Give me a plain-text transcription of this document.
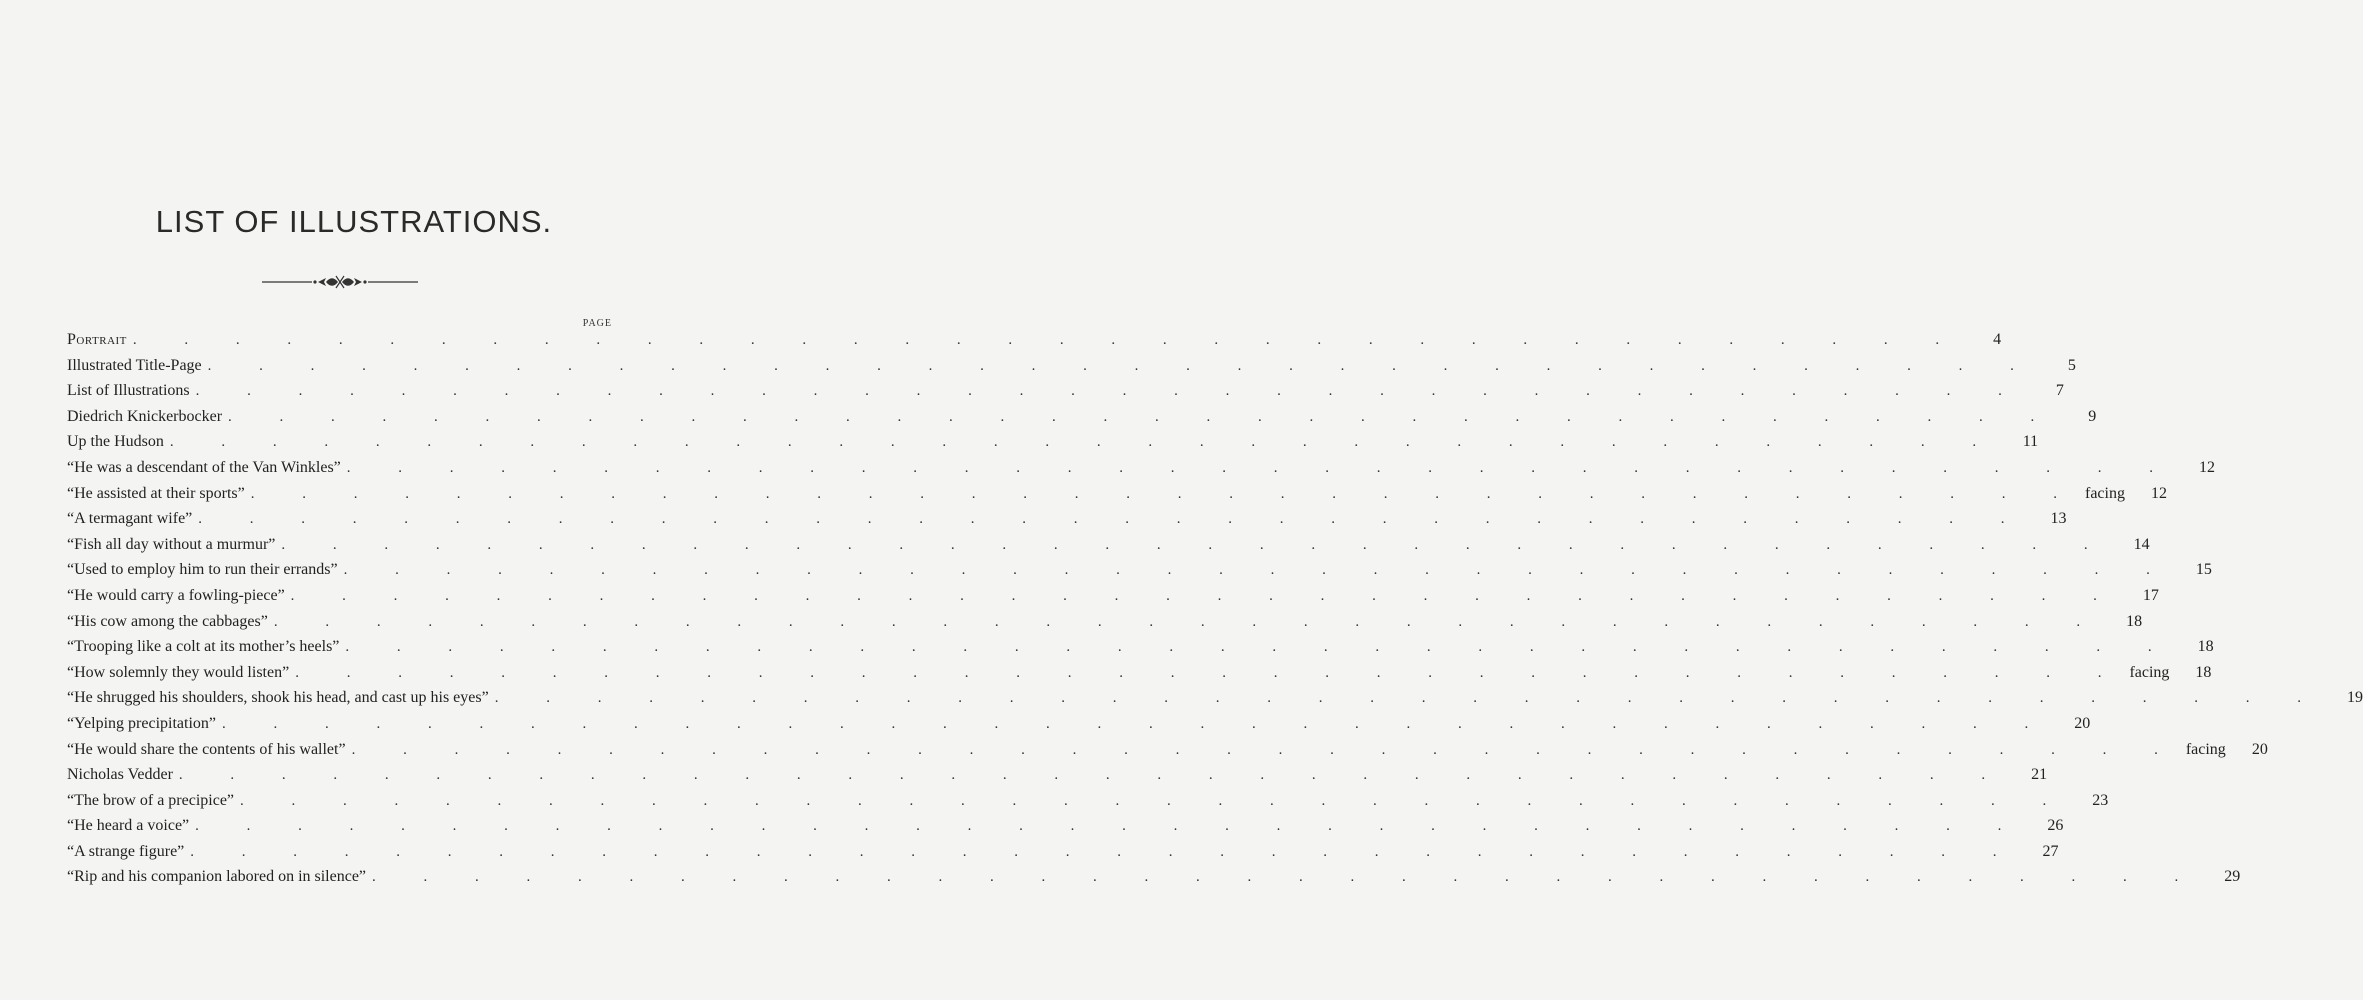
LIST OF ILLUSTRATIONS.
PAGE
Portrait . . . . . . . . . . . . . . . . . . . . . . . . . . . . . . . . . . . .	4
Illustrated Title-Page . . . . . . . . . . . . . . . . . . . . . . . . . . . . . . . . . . . .	5
List of Illustrations . . . . . . . . . . . . . . . . . . . . . . . . . . . . . . . . . . . .	7
Diedrich Knickerbocker . . . . . . . . . . . . . . . . . . . . . . . . . . . . . . . . . . . .	9
Up the Hudson . . . . . . . . . . . . . . . . . . . . . . . . . . . . . . . . . . . .	11
“He was a descendant of the Van Winkles” . . . . . . . . . . . . . . . . . . . . . . . . . . . . . . . . . . . .	12
“He assisted at their sports” . . . . . . . . . . . . . . . . . . . . . . . . . . . . . . . . . . . . facing	12
“A termagant wife” . . . . . . . . . . . . . . . . . . . . . . . . . . . . . . . . . . . .	13
“Fish all day without a murmur” . . . . . . . . . . . . . . . . . . . . . . . . . . . . . . . . . . . .	14
“Used to employ him to run their errands” . . . . . . . . . . . . . . . . . . . . . . . . . . . . . . . . . . . .	15
“He would carry a fowling-piece” . . . . . . . . . . . . . . . . . . . . . . . . . . . . . . . . . . . .	17
“His cow among the cabbages” . . . . . . . . . . . . . . . . . . . . . . . . . . . . . . . . . . . .	18
“Trooping like a colt at its mother’s heels” . . . . . . . . . . . . . . . . . . . . . . . . . . . . . . . . . . . .	18
“How solemnly they would listen” . . . . . . . . . . . . . . . . . . . . . . . . . . . . . . . . . . . . facing	18
“He shrugged his shoulders, shook his head, and cast up his eyes” . . . . . . . . . . . . . . . . . . . . . . . . . . . . . . . . . . . .	19
“Yelping precipitation” . . . . . . . . . . . . . . . . . . . . . . . . . . . . . . . . . . . .	20
“He would share the contents of his wallet” . . . . . . . . . . . . . . . . . . . . . . . . . . . . . . . . . . . . facing	20
Nicholas Vedder . . . . . . . . . . . . . . . . . . . . . . . . . . . . . . . . . . . .	21
“The brow of a precipice” . . . . . . . . . . . . . . . . . . . . . . . . . . . . . . . . . . . .	23
“He heard a voice” . . . . . . . . . . . . . . . . . . . . . . . . . . . . . . . . . . . .	26
“A strange figure” . . . . . . . . . . . . . . . . . . . . . . . . . . . . . . . . . . . .	27
“Rip and his companion labored on in silence” . . . . . . . . . . . . . . . . . . . . . . . . . . . . . . . . . . . .	29
